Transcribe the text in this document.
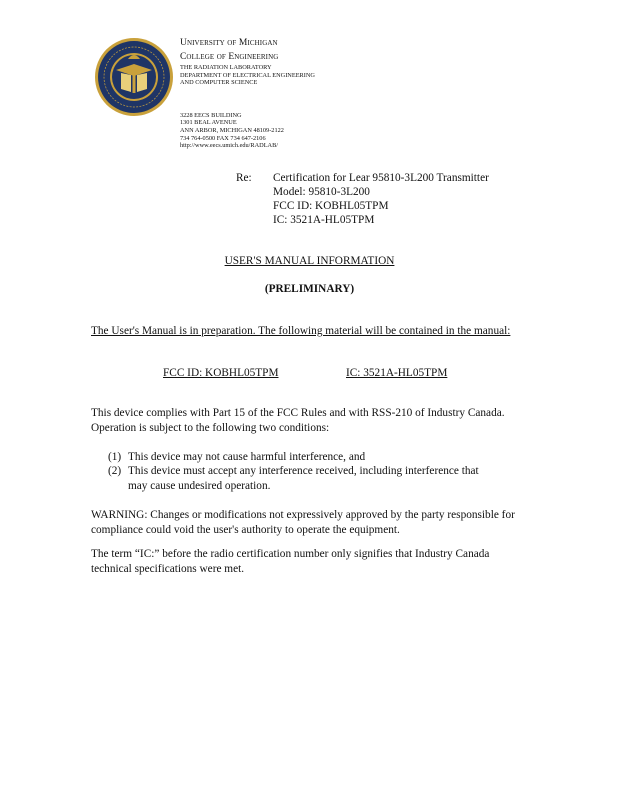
University of Michigan
College of Engineering
THE RADIATION LABORATORY
DEPARTMENT OF ELECTRICAL ENGINEERING
AND COMPUTER SCIENCE
3228 EECS BUILDING
1301 BEAL AVENUE
ANN ARBOR, MICHIGAN 48109-2122
734 764-0500 FAX 734 647-2106
http://www.eecs.umich.edu/RADLAB/
Re: Certification for Lear 95810-3L200 Transmitter
Model: 95810-3L200
FCC ID: KOBHL05TPM
IC: 3521A-HL05TPM
USER'S MANUAL INFORMATION
(PRELIMINARY)
The User's Manual is in preparation. The following material will be contained in the manual:
FCC ID: KOBHL05TPM	IC: 3521A-HL05TPM
This device complies with Part 15 of the FCC Rules and with RSS-210 of Industry Canada. Operation is subject to the following two conditions:
(1) This device may not cause harmful interference, and
(2) This device must accept any interference received, including interference that
may cause undesired operation.
WARNING: Changes or modifications not expressively approved by the party responsible for compliance could void the user's authority to operate the equipment.
The term “IC:” before the radio certification number only signifies that Industry Canada technical specifications were met.
